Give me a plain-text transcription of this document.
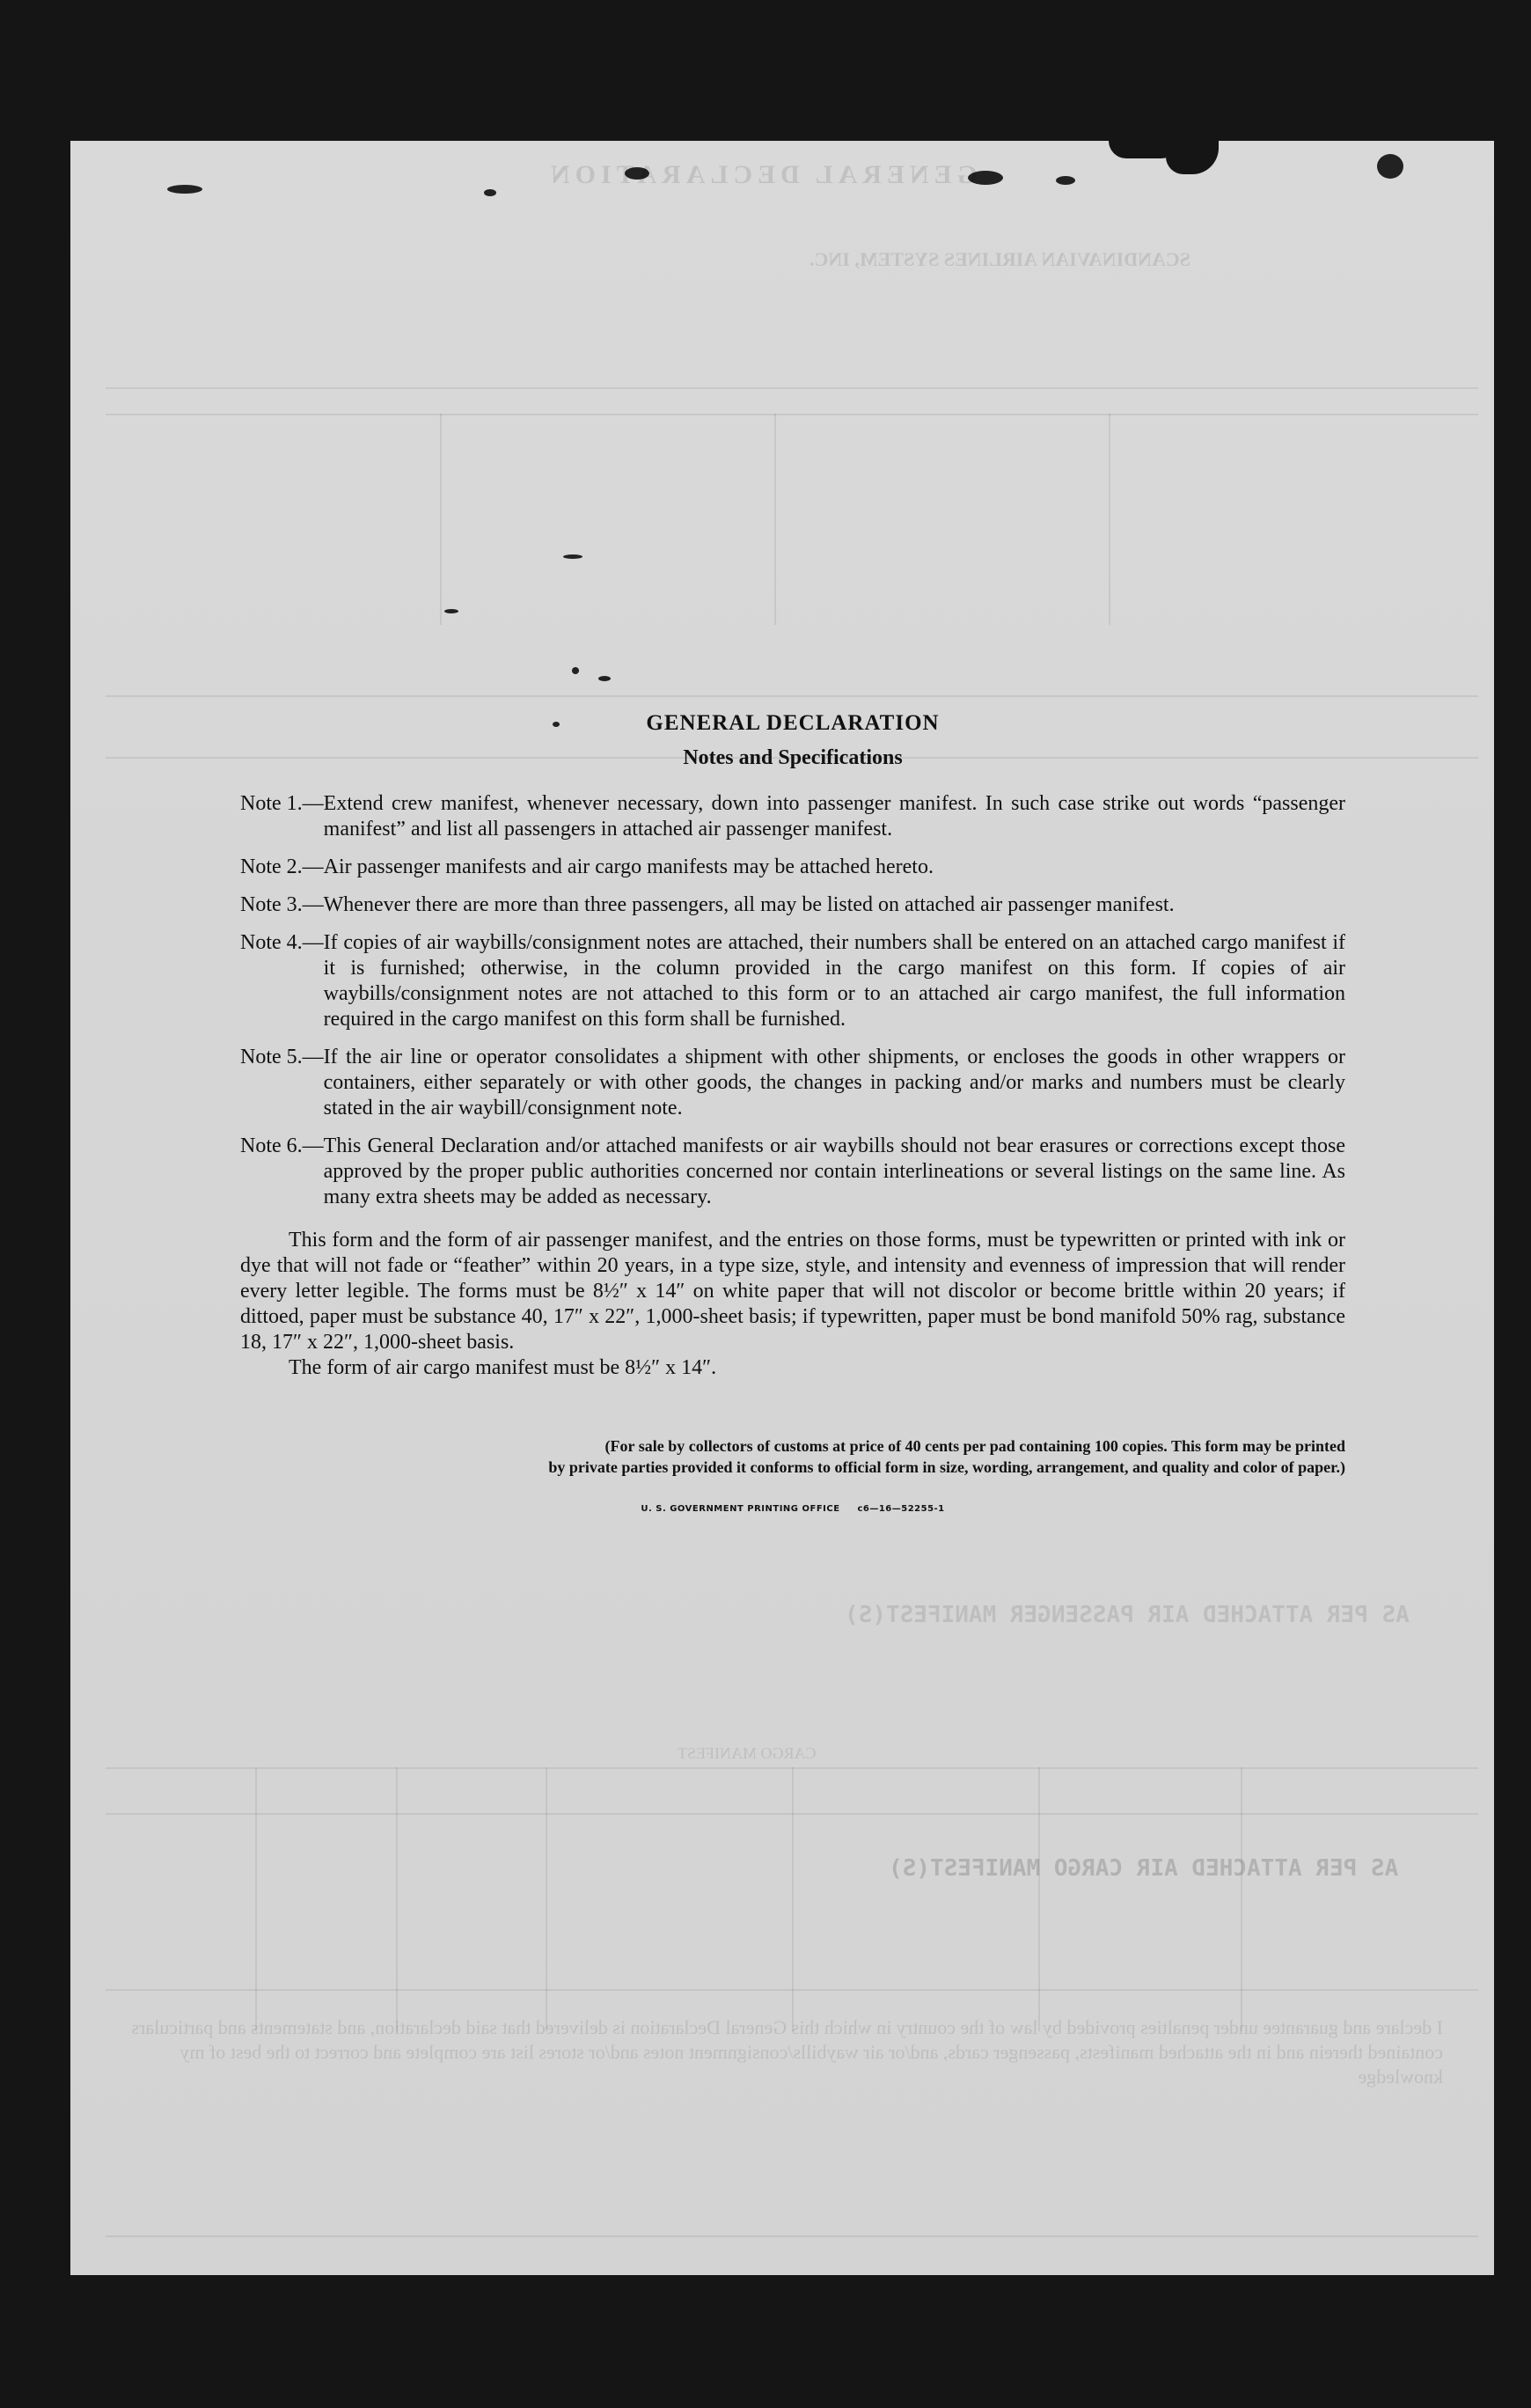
GENERAL DECLARATION
SCANDINAVIAN AIRLINES SYSTEM, INC.
AS PER ATTACHED AIR PASSENGER MANIFEST(S)
CARGO MANIFEST
AS PER ATTACHED AIR CARGO MANIFEST(S)
I declare and guarantee under penalties provided by law of the country in which this General Declaration is delivered that said declaration, and statements and particulars contained therein and in the attached manifests, passenger cards, and/or air waybills/consignment notes and/or stores list are complete and correct to the best of my knowledge
GENERAL DECLARATION
Notes and Specifications
Note 1.— Extend crew manifest, whenever necessary, down into passenger manifest. In such case strike out words “passenger manifest” and list all passengers in attached air passenger manifest.
Note 2.— Air passenger manifests and air cargo manifests may be attached hereto.
Note 3.— Whenever there are more than three passengers, all may be listed on attached air passenger manifest.
Note 4.— If copies of air waybills/consignment notes are attached, their numbers shall be entered on an attached cargo manifest if it is furnished; otherwise, in the column provided in the cargo manifest on this form. If copies of air waybills/consignment notes are not attached to this form or to an attached air cargo manifest, the full information required in the cargo manifest on this form shall be furnished.
Note 5.— If the air line or operator consolidates a shipment with other shipments, or encloses the goods in other wrappers or containers, either separately or with other goods, the changes in packing and/or marks and numbers must be clearly stated in the air waybill/consignment note.
Note 6.— This General Declaration and/or attached manifests or air waybills should not bear erasures or corrections except those approved by the proper public authorities concerned nor contain interlineations or several listings on the same line. As many extra sheets may be added as necessary.
This form and the form of air passenger manifest, and the entries on those forms, must be typewritten or printed with ink or dye that will not fade or “feather” within 20 years, in a type size, style, and intensity and evenness of impression that will render every letter legible. The forms must be 8½″ x 14″ on white paper that will not discolor or become brittle within 20 years; if dittoed, paper must be substance 40, 17″ x 22″, 1,000-sheet basis; if typewritten, paper must be bond manifold 50% rag, substance 18, 17″ x 22″, 1,000-sheet basis.
The form of air cargo manifest must be 8½″ x 14″.
(For sale by collectors of customs at price of 40 cents per pad containing 100 copies. This form may be printed
by private parties provided it conforms to official form in size, wording, arrangement, and quality and color of paper.)
U. S. GOVERNMENT PRINTING OFFICE     c6—16—52255-1
